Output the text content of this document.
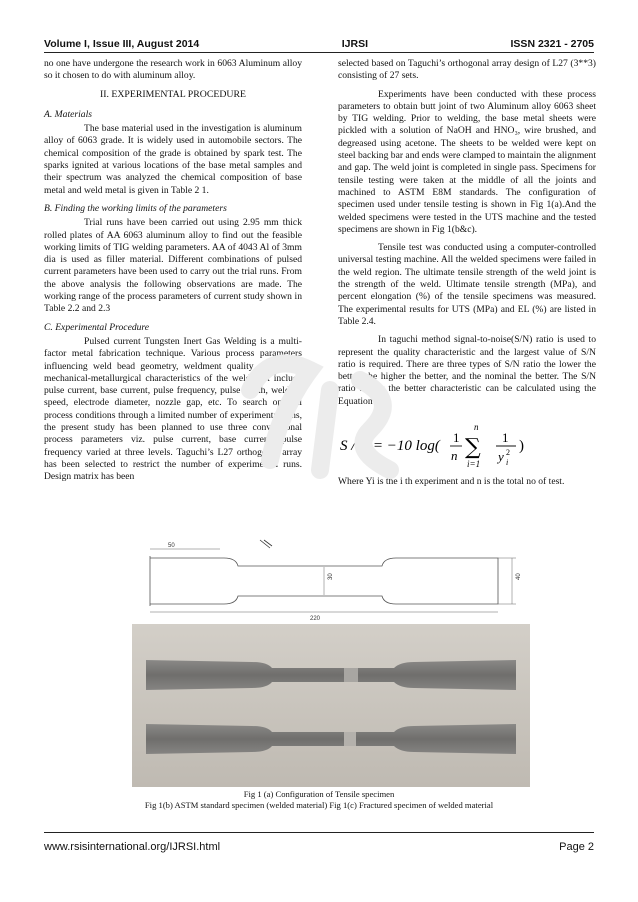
Volume I, Issue III, August 2014	IJRSI	ISSN 2321 - 2705

no one have undergone the research work in 6063 Aluminum alloy so it chosen to do with aluminum alloy.

II. EXPERIMENTAL PROCEDURE
A. Materials

The base material used in the investigation is aluminum alloy of 6063 grade. It is widely used in automobile sectors. The chemical composition of the grade is obtained by spark test. The sparks ignited at various locations of the base metal samples and their spectrum was analyzed the chemical composition of base metal and weld metal is given in Table 2 1.

B. Finding the working limits of the parameters

Trial runs have been carried out using 2.95 mm thick rolled plates of AA 6063 aluminum alloy to find out the feasible working limits of TIG welding parameters. AA of 4043 Al of 3mm dia is used as filler material. Different combinations of pulsed current parameters have been used to carry out the trial runs. From the above analysis the following observations are made. The working range of the process parameters of current study shown in Table 2.2 and 2.3

C. Experimental Procedure

Pulsed current Tungsten Inert Gas Welding is a multi-factor metal fabrication technique. Various process parameters influencing weld bead geometry, weldment quality as well as mechanical-metallurgical characteristics of the weldment include pulse current, base current, pulse frequency, pulse width, welding speed, electrode diameter, nozzle gap, etc. To search optimal process conditions through a limited number of experimental runs, the present study has been planned to use three conventional process parameters viz. pulse current, base current, pulse frequency varied at three levels. Taguchi’s L27 orthogonal array has been selected to restrict the number of experimental runs. Design matrix has been

selected based on Taguchi’s orthogonal array design of L27 (3**3) consisting of 27 sets.

Experiments have been conducted with these process parameters to obtain butt joint of two Aluminum alloy 6063 sheet by TIG welding. Prior to welding, the base metal sheets were pickled with a solution of NaOH and HNO₃, wire brushed, and degreased using acetone. The sheets to be welded were kept on steel backing bar and ends were clamped to maintain the alignment and gap. The weld joint is completed in single pass. Specimens for tensile testing were taken at the middle of all the joints and machined to ASTM E8M standards. The configuration of specimen used under tensile testing is shown in Fig 1(a).And the welded specimens were tested in the UTS machine and the tested specimens are shown in Fig 1(b&c).

Tensile test was conducted using a computer-controlled universal testing machine. All the welded specimens were failed in the weld region. The ultimate tensile strength of the weld joint is the strength of the weld. Ultimate tensile strength (MPa), and percent elongation (%) of the tensile specimens was measured. The experimental results for UTS (MPa) and EL (%) are listed in Table 2.4.

In taguchi method signal-to-noise(S/N) ratio is used to represent the quality characteristic and the largest value of S/N ratio is required. There are three types of S/N ratio the lower the better, the higher the better, and the nominal the better. The S/N ratio higher the better characteristic can be calculated using the Equation 1

S / N = −10 log(
1
n
n
∑
i=1
1
y 2
i
)

Where Yi is the i th experiment and n is the total no of test.

50
220
30	40
Fig 1 (a) Configuration of Tensile specimen
Fig 1(b) ASTM standard specimen (welded material) Fig 1(c) Fractured specimen of welded material
www.rsisinternational.org/IJRSI.html	Page 2
